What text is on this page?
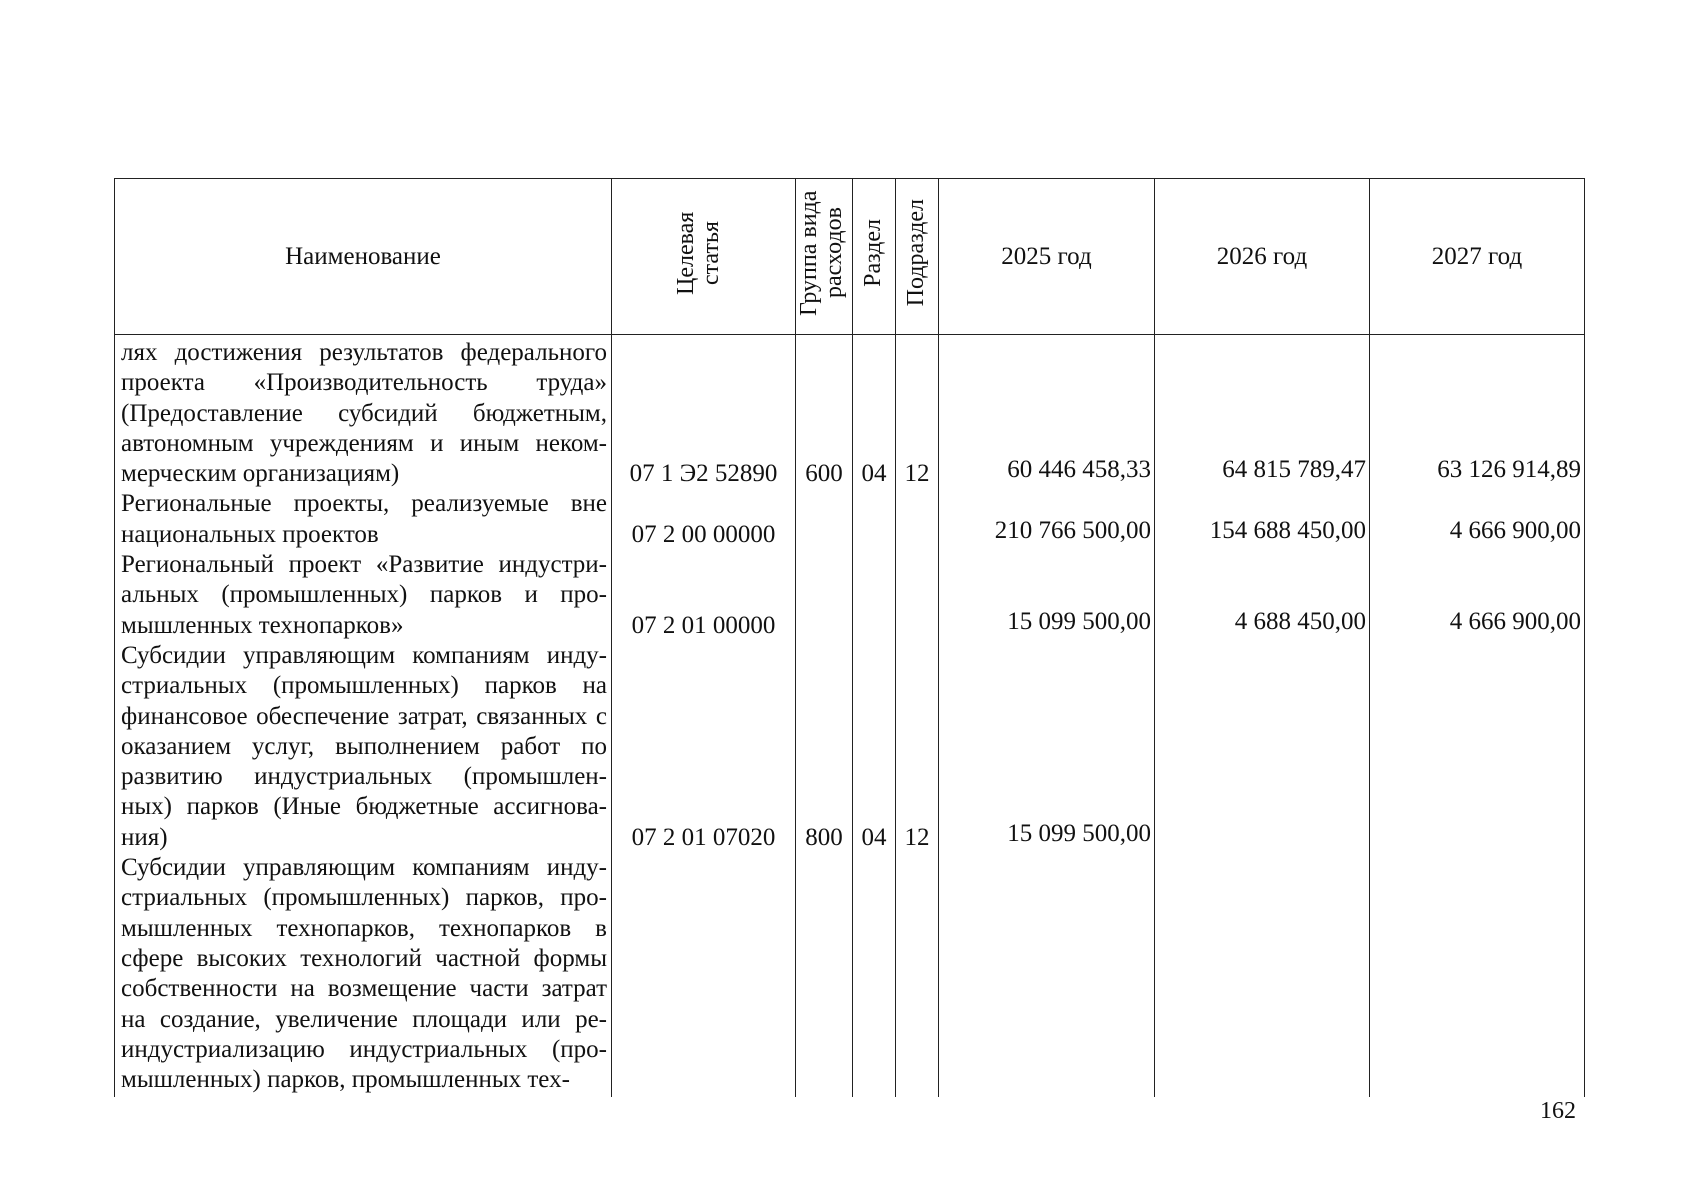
Наименование	Целевая статья	Группа вида расходов	Раздел	Подраздел	2025 год	2026 год	2027 год
лях достижения результатов федерального проекта «Производительность труда» (Предоставление субсидий бюджетным, автономным учреждениям и иным неком-мерческим организациям)	07 1 Э2 52890	600	04	12	60 446 458,33	64 815 789,47	63 126 914,89
Региональные проекты, реализуемые вне национальных проектов	07 2 00 00000				210 766 500,00	154 688 450,00	4 666 900,00
Региональный проект «Развитие индустри-альных (промышленных) парков и про-мышленных технопарков»	07 2 01 00000				15 099 500,00	4 688 450,00	4 666 900,00
Субсидии управляющим компаниям инду-стриальных (промышленных) парков на финансовое обеспечение затрат, связанных с оказанием услуг, выполнением работ по развитию индустриальных (промышлен-ных) парков (Иные бюджетные ассигнова-ния)	07 2 01 07020	800	04	12	15 099 500,00		
Субсидии управляющим компаниям инду-стриальных (промышленных) парков, про-мышленных технопарков, технопарков в сфере высоких технологий частной формы собственности на возмещение части затрат на создание, увеличение площади или ре-индустриализацию индустриальных (про-мышленных) парков, промышленных тех-							
162
